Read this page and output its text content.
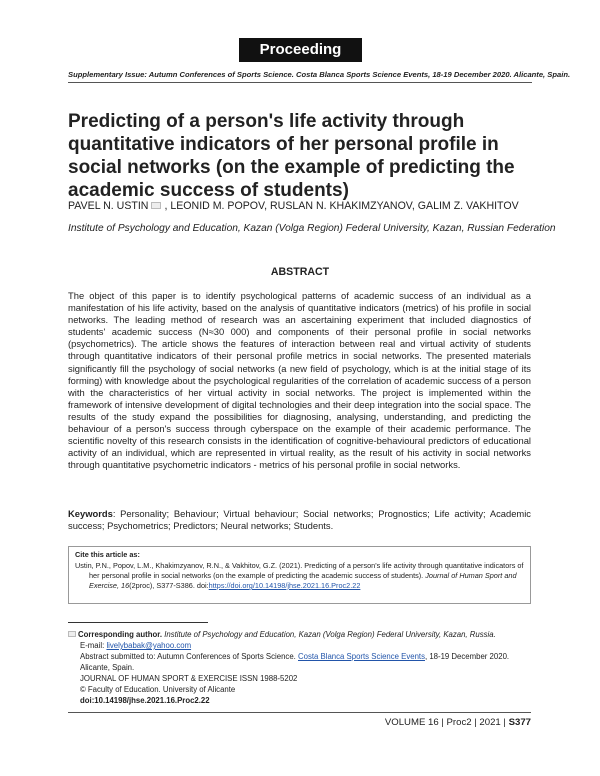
Proceeding
Supplementary Issue: Autumn Conferences of Sports Science. Costa Blanca Sports Science Events, 18-19 December 2020. Alicante, Spain.
Predicting of a person's life activity through quantitative indicators of her personal profile in social networks (on the example of predicting the academic success of students)
PAVEL N. USTIN , LEONID M. POPOV, RUSLAN N. KHAKIMZYANOV, GALIM Z. VAKHITOV
Institute of Psychology and Education, Kazan (Volga Region) Federal University, Kazan, Russian Federation
ABSTRACT

The object of this paper is to identify psychological patterns of academic success of an individual as a manifestation of his life activity, based on the analysis of quantitative indicators (metrics) of his profile in social networks. The leading method of research was an ascertaining experiment that included diagnostics of students' academic success (N≈30 000) and components of their personal profile in social networks (psychometrics). The article shows the features of interaction between real and virtual activity of students through quantitative indicators of their personal profile metrics in social networks. The presented materials significantly fill the psychology of social networks (a new field of psychology, which is at the initial stage of its forming) with knowledge about the psychological regularities of the correlation of academic success of a person with the characteristics of her virtual activity in social networks. The project is implemented within the framework of intensive development of digital technologies and their deep integration into the social space. The results of the study expand the possibilities for diagnosing, analysing, understanding, and predicting the behaviour of a person's success through cyberspace on the example of their academic performance. The scientific novelty of this research consists in the identification of cognitive-behavioural predictors of educational activity of an individual, which are represented in virtual reality, as the result of his activity in social networks through quantitative psychometric indicators - metrics of his personal profile in social networks.

Keywords: Personality; Behaviour; Virtual behaviour; Social networks; Prognostics; Life activity; Academic success; Psychometrics; Predictors; Neural networks; Students.

Cite this article as:
Ustin, P.N., Popov, L.M., Khakimzyanov, R.N., & Vakhitov, G.Z. (2021). Predicting of a person's life activity through quantitative indicators of her personal profile in social networks (on the example of predicting the academic success of students). Journal of Human Sport and Exercise, 16(2proc), S377-S386. doi:https://doi.org/10.14198/jhse.2021.16.Proc2.22
Corresponding author. Institute of Psychology and Education, Kazan (Volga Region) Federal University, Kazan, Russia.
E-mail: livelybabak@yahoo.com
Abstract submitted to: Autumn Conferences of Sports Science. Costa Blanca Sports Science Events, 18-19 December 2020.
Alicante, Spain.
JOURNAL OF HUMAN SPORT & EXERCISE ISSN 1988-5202
© Faculty of Education. University of Alicante
doi:10.14198/jhse.2021.16.Proc2.22
VOLUME 16 | Proc2 | 2021 | S377
